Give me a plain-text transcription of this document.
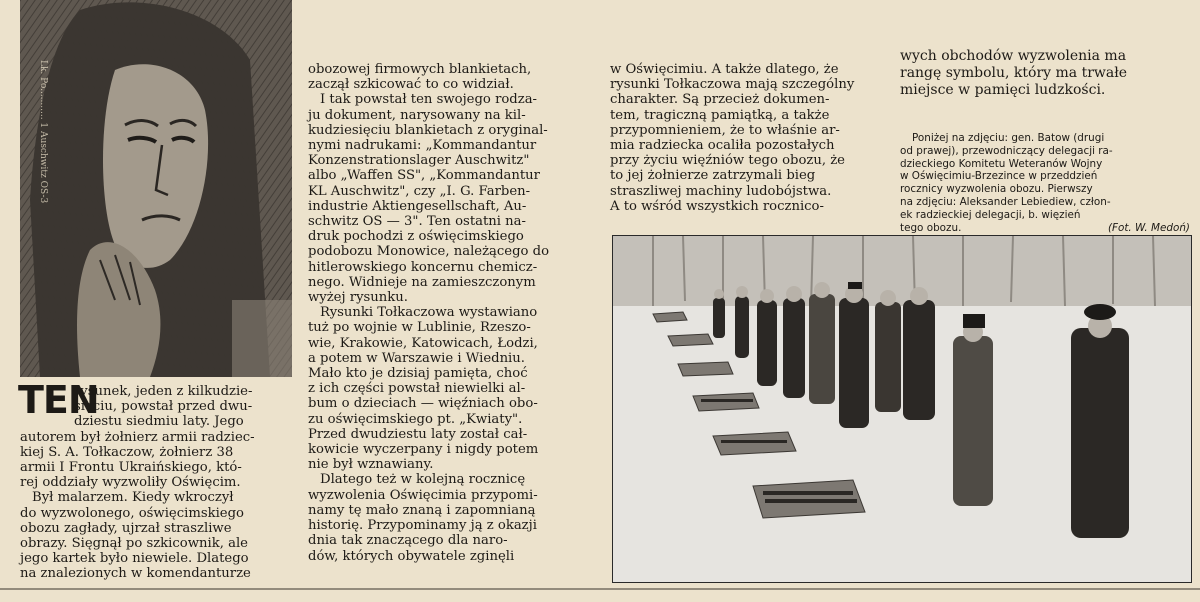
Lk. Po........... 1 Auschwitz OS-3
TEN
rysunek, jeden z kilkudzie-
sięciu, powstał przed dwu-
dziestu siedmiu laty. Jego
autorem był żołnierz armii radziec-
kiej S. A. Tołkaczow, żołnierz 38
armii I Frontu Ukraińskiego, któ-
rej oddziały wyzwoliły Oświęcim.
Był malarzem. Kiedy wkroczył
do wyzwolonego, oświęcimskiego
obozu zagłady, ujrzał straszliwe
obrazy. Sięgnął po szkicownik, ale
jego kartek było niewiele. Dlatego
na znalezionych w komendanturze
obozowej firmowych blankietach,
zaczął szkicować to co widział.
I tak powstał ten swojego rodza-
ju dokument, narysowany na kil-
kudziesięciu blankietach z oryginal-
nymi nadrukami: „Kommandantur
Konzenstrationslager Auschwitz"
albo „Waffen SS", „Kommandantur
KL Auschwitz", czy „I. G. Farben-
industrie Aktiengesellschaft, Au-
schwitz OS — 3". Ten ostatni na-
druk pochodzi z oświęcimskiego
podobozu Monowice, należącego do
hitlerowskiego koncernu chemicz-
nego. Widnieje na zamieszczonym
wyżej rysunku.
Rysunki Tołkaczowa wystawiano
tuż po wojnie w Lublinie, Rzeszo-
wie, Krakowie, Katowicach, Łodzi,
a potem w Warszawie i Wiedniu.
Mało kto je dzisiaj pamięta, choć
z ich części powstał niewielki al-
bum o dzieciach — więźniach obo-
zu oświęcimskiego pt. „Kwiaty".
Przed dwudziestu laty został cał-
kowicie wyczerpany i nigdy potem
nie był wznawiany.
Dlatego też w kolejną rocznicę
wyzwolenia Oświęcimia przypomi-
namy tę mało znaną i zapomnianą
historię. Przypominamy ją z okazji
dnia tak znaczącego dla naro-
dów, których obywatele zginęli
w Oświęcimiu. A także dlatego, że
rysunki Tołkaczowa mają szczególny
charakter. Są przecież dokumen-
tem, tragiczną pamiątką, a także
przypomnieniem, że to właśnie ar-
mia radziecka ocaliła pozostałych
przy życiu więźniów tego obozu, że
to jej żołnierze zatrzymali bieg
straszliwej machiny ludobójstwa.
A to wśród wszystkich rocznico-
wych obchodów wyzwolenia ma
rangę symbolu, który ma trwałe
miejsce w pamięci ludzkości.
Poniżej na zdjęciu: gen. Batow (drugi
od prawej), przewodniczący delegacji ra-
dzieckiego Komitetu Weteranów Wojny
w Oświęcimiu-Brzezince w przeddzień
rocznicy wyzwolenia obozu. Pierwszy
na zdjęciu: Aleksander Lebiediew, człon-
ek radzieckiej delegacji, b. więzień
tego obozu.	(Fot. W. Medoń)
